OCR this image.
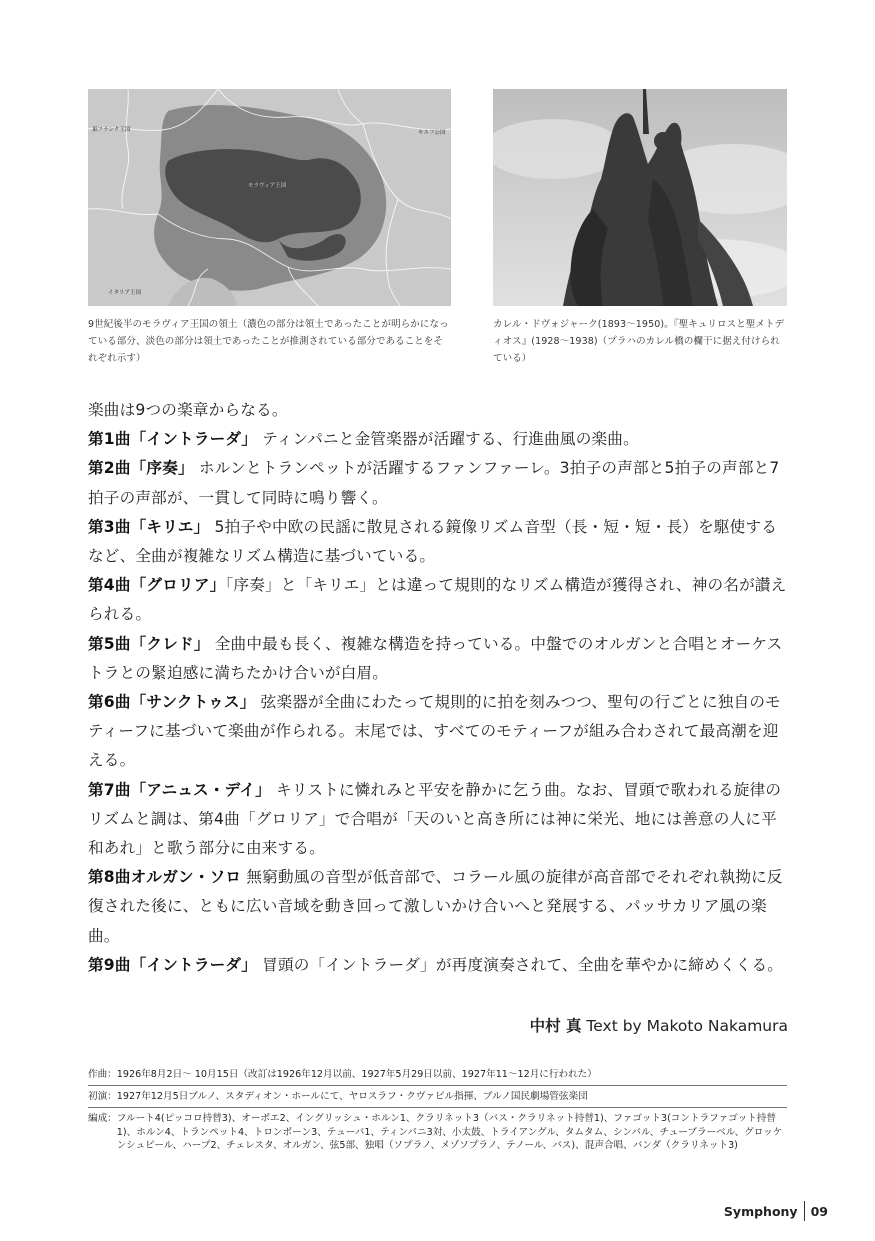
東フランク王国	キエフ公国
モラヴィア王国
イタリア王国
9世紀後半のモラヴィア王国の領土（濃色の部分は領土であったことが明らかになっている部分、淡色の部分は領土であったことが推測されている部分であることをそれぞれ示す）
カレル・ドヴォジャーク(1893〜1950)。『聖キュリロスと聖メトディオス』(1928〜1938)（プラハのカレル橋の欄干に据え付けられている）

楽曲は9つの楽章からなる。

第1曲「イントラーダ」 ティンパニと金管楽器が活躍する、行進曲風の楽曲。

第2曲「序奏」 ホルンとトランペットが活躍するファンファーレ。3拍子の声部と5拍子の声部と7拍子の声部が、一貫して同時に鳴り響く。

第3曲「キリエ」 5拍子や中欧の民謡に散見される鏡像リズム音型（長・短・短・長）を駆使するなど、全曲が複雑なリズム構造に基づいている。

第4曲「グロリア」「序奏」と「キリエ」とは違って規則的なリズム構造が獲得され、神の名が讃えられる。

第5曲「クレド」 全曲中最も長く、複雑な構造を持っている。中盤でのオルガンと合唱とオーケストラとの緊迫感に満ちたかけ合いが白眉。

第6曲「サンクトゥス」 弦楽器が全曲にわたって規則的に拍を刻みつつ、聖句の行ごとに独自のモティーフに基づいて楽曲が作られる。末尾では、すべてのモティーフが組み合わされて最高潮を迎える。

第7曲「アニュス・デイ」 キリストに憐れみと平安を静かに乞う曲。なお、冒頭で歌われる旋律のリズムと調は、第4曲「グロリア」で合唱が「天のいと高き所には神に栄光、地には善意の人に平和あれ」と歌う部分に由来する。

第8曲オルガン・ソロ 無窮動風の音型が低音部で、コラール風の旋律が高音部でそれぞれ執拗に反復された後に、ともに広い音域を動き回って激しいかけ合いへと発展する、パッサカリア風の楽曲。

第9曲「イントラーダ」 冒頭の「イントラーダ」が再度演奏されて、全曲を華やかに締めくくる。

中村 真 Text by Makoto Nakamura
作曲： 1926年8月2日〜 10月15日（改訂は1926年12月以前、1927年5月29日以前、1927年11〜12月に行われた）
初演： 1927年12月5日ブルノ、スタディオン・ホールにて、ヤロスラフ・クヴァピル指揮、ブルノ国民劇場管弦楽団
編成： フルート4(ピッコロ持替3)、オーボエ2、イングリッシュ・ホルン1、クラリネット3（バス・クラリネット持替1)、ファゴット3(コントラファゴット持替1)、ホルン4、トランペット4、トロンボーン3、テューバ1、ティンパニ3対、小太鼓、トライアングル、タムタム、シンバル、チューブラーベル、グロッケンシュピール、ハープ2、チェレスタ、オルガン、弦5部、独唱（ソプラノ、メゾソプラノ、テノール、バス)、混声合唱、バンダ（クラリネット3)
Symphony 09
